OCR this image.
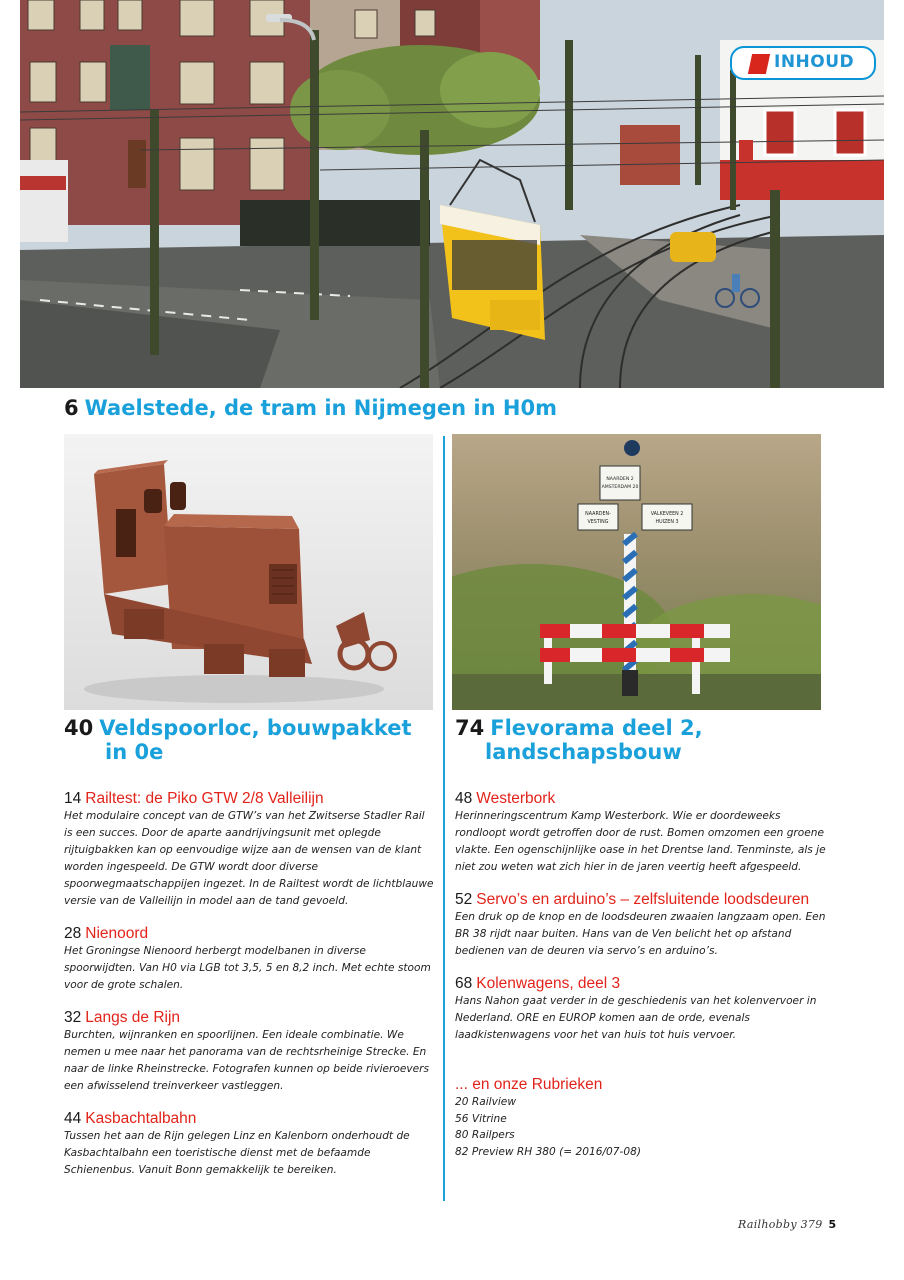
INHOUD
6 Waelstede, de tram in Nijmegen in H0m
NAARDEN 2
AMSTERDAM 20
NAARDEN-
VESTING
VALKEVEEN 2
HUIZEN 3
40 Veldspoorloc, bouwpakket
in 0e
74 Flevorama deel 2,
landschapsbouw
14 Railtest: de Piko GTW 2/8 Valleilijn
Het modulaire concept van de GTW’s van het Zwitserse Stadler Rail is een succes. Door de aparte aandrijvingsunit met oplegde rijtuigbakken kan op eenvoudige wijze aan de wensen van de klant worden ingespeeld. De GTW wordt door diverse spoorwegmaatschappijen ingezet. In de Railtest wordt de lichtblauwe versie van de Valleilijn in model aan de tand gevoeld.
28 Nienoord
Het Groningse Nienoord herbergt modelbanen in diverse spoorwijdten. Van H0 via LGB tot 3,5, 5 en 8,2 inch. Met echte stoom voor de grote schalen.
32 Langs de Rijn
Burchten, wijnranken en spoorlijnen. Een ideale combinatie. We nemen u mee naar het panorama van de rechtsrheinige Strecke. En naar de linke Rheinstrecke. Fotografen kunnen op beide rivieroevers een afwisselend treinverkeer vastleggen.
44 Kasbachtalbahn
Tussen het aan de Rijn gelegen Linz en Kalenborn onderhoudt de Kasbachtalbahn een toeristische dienst met de befaamde Schienenbus. Vanuit Bonn gemakkelijk te bereiken.
48 Westerbork
Herinneringscentrum Kamp Westerbork. Wie er doordeweeks rondloopt wordt getroffen door de rust. Bomen omzomen een groene vlakte. Een ogenschijnlijke oase in het Drentse land. Tenminste, als je niet zou weten wat zich hier in de jaren veertig heeft afgespeeld.
52 Servo’s en arduino’s – zelfsluitende loodsdeuren
Een druk op de knop en de loodsdeuren zwaaien langzaam open. Een BR 38 rijdt naar buiten. Hans van de Ven belicht het op afstand bedienen van de deuren via servo’s en arduino’s.
68 Kolenwagens, deel 3
Hans Nahon gaat verder in de geschiedenis van het kolenvervoer in Nederland. ORE en EUROP komen aan de orde, evenals laadkistenwagens voor het van huis tot huis vervoer.
... en onze Rubrieken
20 Railview
56 Vitrine
80 Railpers
82 Preview RH 380 (= 2016/07-08)
Railhobby 379 5
